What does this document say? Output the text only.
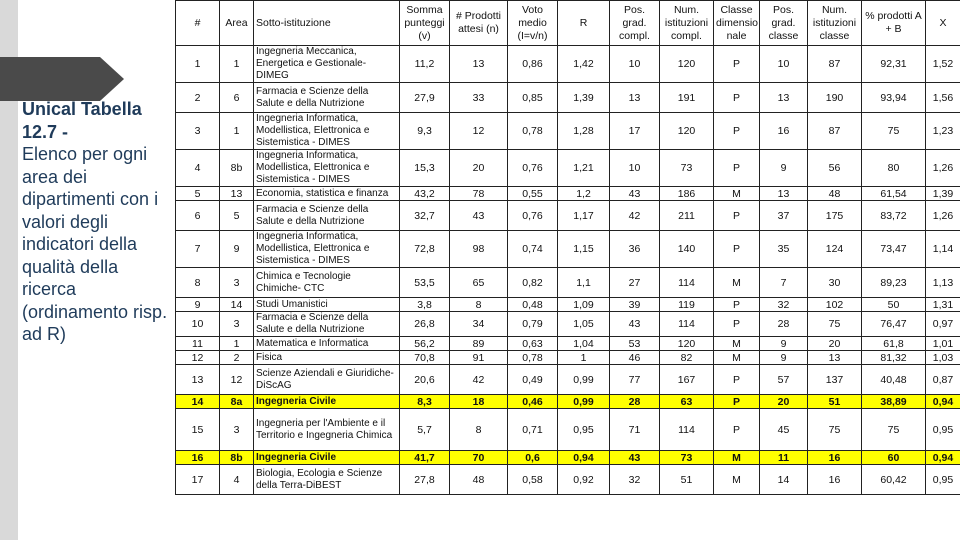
Unical Tabella 12.7 -
Elenco per ogni area dei dipartimenti con i valori degli indicatori della qualità della ricerca (ordinamento risp. ad R)
#	Area	Sotto-istituzione	Somma punteggi (v)	# Prodotti attesi (n)	Voto medio (I=v/n)	R	Pos. grad. compl.	Num. istituzioni compl.	Classe dimensio nale	Pos. grad. classe	Num. istituzioni classe	% prodotti A + B	X
1	1	Ingegneria Meccanica, Energetica e Gestionale-DIMEG	11,2	13	0,86	1,42	10	120	P	10	87	92,31	1,52
2	6	Farmacia e Scienze della Salute e della Nutrizione	27,9	33	0,85	1,39	13	191	P	13	190	93,94	1,56
3	1	Ingegneria Informatica, Modellistica, Elettronica e Sistemistica - DIMES	9,3	12	0,78	1,28	17	120	P	16	87	75	1,23
4	8b	Ingegneria Informatica, Modellistica, Elettronica e Sistemistica - DIMES	15,3	20	0,76	1,21	10	73	P	9	56	80	1,26
5	13	Economia, statistica e finanza	43,2	78	0,55	1,2	43	186	M	13	48	61,54	1,39
6	5	Farmacia e Scienze della Salute e della Nutrizione	32,7	43	0,76	1,17	42	211	P	37	175	83,72	1,26
7	9	Ingegneria Informatica, Modellistica, Elettronica e Sistemistica - DIMES	72,8	98	0,74	1,15	36	140	P	35	124	73,47	1,14
8	3	Chimica e Tecnologie Chimiche- CTC	53,5	65	0,82	1,1	27	114	M	7	30	89,23	1,13
9	14	Studi Umanistici	3,8	8	0,48	1,09	39	119	P	32	102	50	1,31
10	3	Farmacia e Scienze della Salute e della Nutrizione	26,8	34	0,79	1,05	43	114	P	28	75	76,47	0,97
11	1	Matematica e Informatica	56,2	89	0,63	1,04	53	120	M	9	20	61,8	1,01
12	2	Fisica	70,8	91	0,78	1	46	82	M	9	13	81,32	1,03
13	12	Scienze Aziendali e Giuridiche- DiScAG	20,6	42	0,49	0,99	77	167	P	57	137	40,48	0,87
14	8a	Ingegneria Civile	8,3	18	0,46	0,99	28	63	P	20	51	38,89	0,94
15	3	Ingegneria per l'Ambiente e il Territorio e Ingegneria Chimica	5,7	8	0,71	0,95	71	114	P	45	75	75	0,95
16	8b	Ingegneria Civile	41,7	70	0,6	0,94	43	73	M	11	16	60	0,94
17	4	Biologia, Ecologia e Scienze della Terra-DiBEST	27,8	48	0,58	0,92	32	51	M	14	16	60,42	0,95
